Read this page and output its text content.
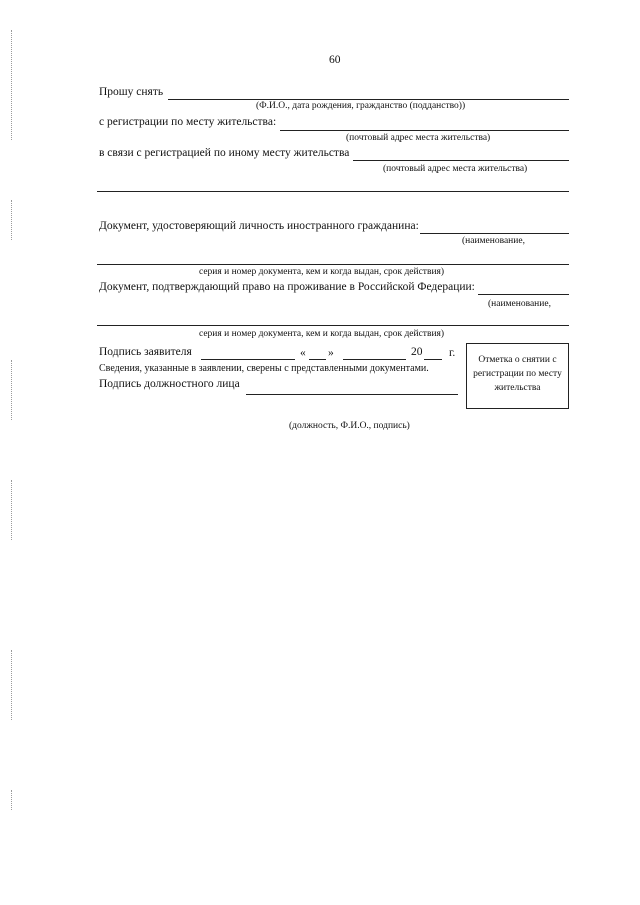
60
Прошу снять
(Ф.И.О., дата рождения, гражданство (подданство))
с регистрации по месту жительства:
(почтовый адрес места жительства)
в связи с регистрацией по иному месту жительства
(почтовый адрес места жительства)
Документ, удостоверяющий личность иностранного гражданина:
(наименование,
серия и номер документа, кем и когда выдан, срок действия)
Документ, подтверждающий право на проживание в Российской Федерации:
(наименование,
серия и номер документа, кем и когда выдан, срок действия)
Подпись заявителя	« »	20 г.
Сведения, указанные в заявлении, сверены с представленными документами.
Подпись должностного лица
(должность, Ф.И.О., подпись)
Отметка о снятии с
регистрации по месту
жительства
